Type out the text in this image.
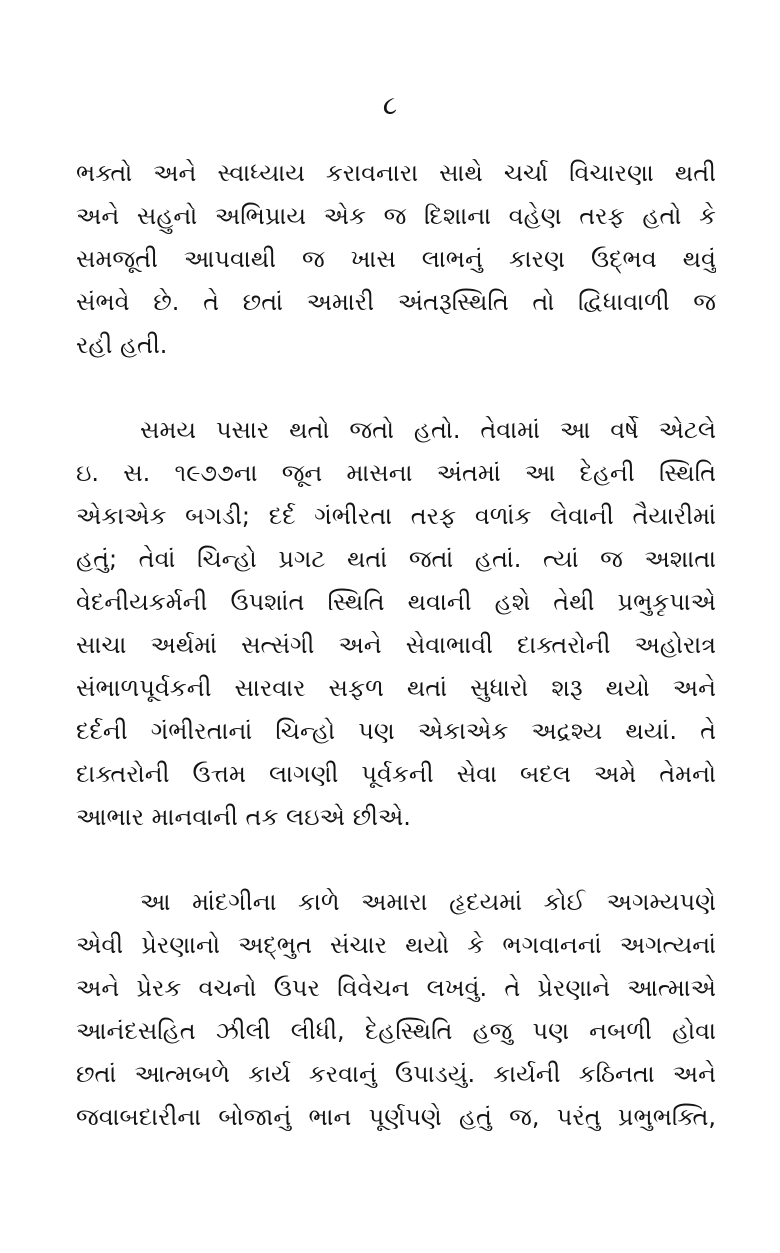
૮

ભક્તો અને સ્વાધ્યાય કરાવનારા સાથે ચર્ચા વિચારણા થતી
અને સહુનો અભિપ્રાય એક જ દિશાના વહેણ તરફ હતો કે
સમજૂતી આપવાથી જ ખાસ લાભનું કારણ ઉદ્ભવ થવું
સંભવે છે. તે છતાં અમારી અંતરૂસ્થિતિ તો દ્વિધાવાળી જ
રહી હતી.

સમય પસાર થતો જતો હતો. તેવામાં આ વર્ષે એટલે
ઇ. સ. ૧૯૭૭ના જૂન માસના અંતમાં આ દેહની સ્થિતિ
એકાએક બગડી; દર્દ ગંભીરતા તરફ વળાંક લેવાની તૈયારીમાં
હતું; તેવાં ચિન્હો પ્રગટ થતાં જતાં હતાં. ત્યાં જ અશાતા
વેદનીયકર્મની ઉપશાંત સ્થિતિ થવાની હશે તેથી પ્રભુકૃપાએ
સાચા અર્થમાં સત્સંગી અને સેવાભાવી દાક્તરોની અહોરાત્ર
સંભાળપૂર્વકની સારવાર સફળ થતાં સુધારો શરૂ થયો અને
દર્દની ગંભીરતાનાં ચિન્હો પણ એકાએક અદ્રશ્ય થયાં. તે
દાક્તરોની ઉત્તમ લાગણી પૂર્વકની સેવા બદલ અમે તેમનો
આભાર માનવાની તક લઇએ છીએ.

આ માંદગીના કાળે અમારા હૃદયમાં કોઈ અગમ્યપણે
એવી પ્રેરણાનો અદ્ભુત સંચાર થયો કે ભગવાનનાં અગત્યનાં
અને પ્રેરક વચનો ઉપર વિવેચન લખવું. તે પ્રેરણાને આત્માએ
આનંદસહિત ઝીલી લીધી, દેહસ્થિતિ હજુ પણ નબળી હોવા
છતાં આત્મબળે કાર્ય કરવાનું ઉપાડયું. કાર્યની કઠિનતા અને
જવાબદારીના બોજાનું ભાન પૂર્ણપણે હતું જ, પરંતુ પ્રભુભક્તિ,
